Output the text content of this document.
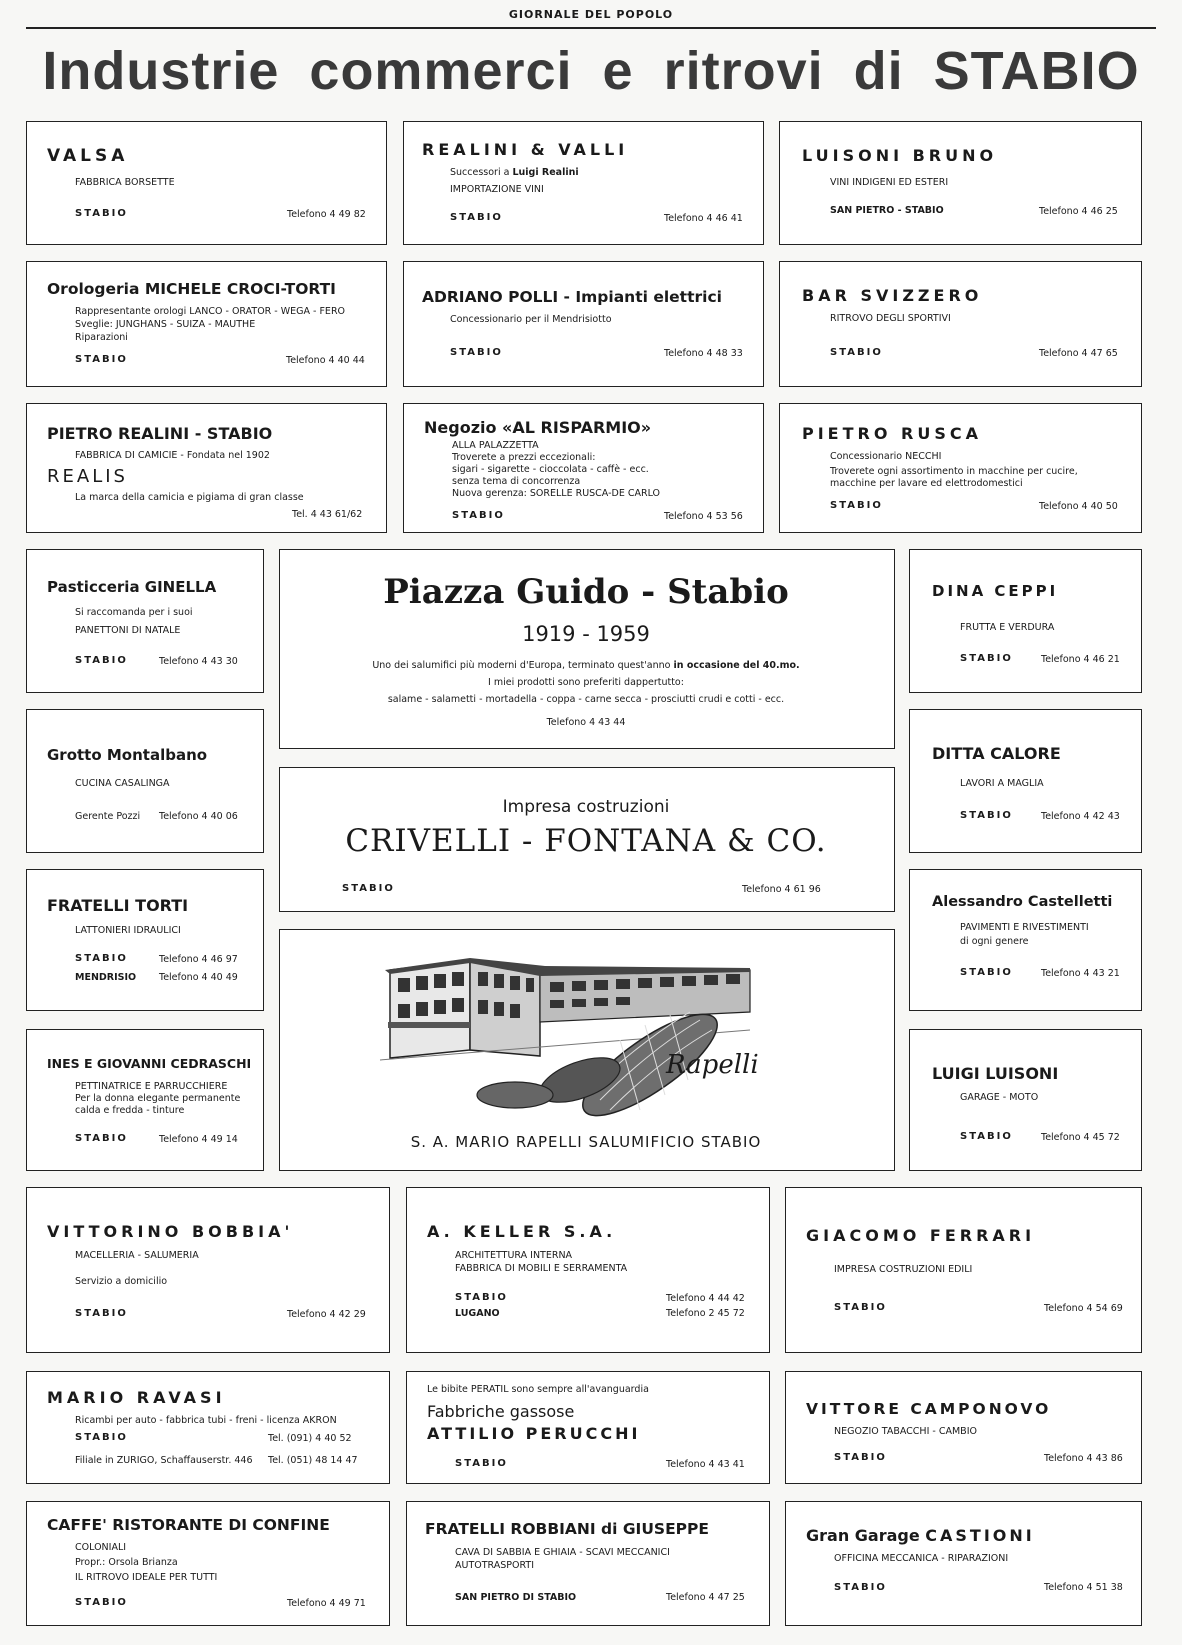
GIORNALE DEL POPOLO
Industrie commerci e ritrovi di STABIO
VALSA
FABBRICA BORSETTE
STABIO	Telefono 4 49 82
REALINI & VALLI
Successori a Luigi Realini
IMPORTAZIONE VINI
STABIO	Telefono 4 46 41
LUISONI BRUNO
VINI INDIGENI ED ESTERI
SAN PIETRO - STABIO	Telefono 4 46 25
Orologeria MICHELE CROCI-TORTI
Rappresentante orologi LANCO - ORATOR - WEGA - FERO
Sveglie: JUNGHANS - SUIZA - MAUTHE
Riparazioni
STABIO	Telefono 4 40 44
ADRIANO POLLI - Impianti elettrici
Concessionario per il Mendrisiotto
STABIO	Telefono 4 48 33
BAR SVIZZERO
RITROVO DEGLI SPORTIVI
STABIO	Telefono 4 47 65
PIETRO REALINI - STABIO
FABBRICA DI CAMICIE - Fondata nel 1902
REALIS
La marca della camicia e pigiama di gran classe
Tel. 4 43 61/62
Negozio «AL RISPARMIO»
ALLA PALAZZETTA
Troverete a prezzi eccezionali:
sigari - sigarette - cioccolata - caffè - ecc.
senza tema di concorrenza
Nuova gerenza: SORELLE RUSCA-DE CARLO
STABIO	Telefono 4 53 56
PIETRO RUSCA
Concessionario NECCHI
Troverete ogni assortimento in macchine per cucire,
macchine per lavare ed elettrodomestici
STABIO	Telefono 4 40 50
Pasticceria GINELLA
Si raccomanda per i suoi
PANETTONI DI NATALE
STABIO	Telefono 4 43 30
Grotto Montalbano
CUCINA CASALINGA
Gerente Pozzi Telefono 4 40 06
FRATELLI TORTI
LATTONIERI IDRAULICI
STABIO	Telefono 4 46 97
MENDRISIO Telefono 4 40 49
INES E GIOVANNI CEDRASCHI
PETTINATRICE E PARRUCCHIERE
Per la donna elegante permanente
calda e fredda - tinture
STABIO	Telefono 4 49 14
Piazza Guido - Stabio
1919 - 1959
Uno dei salumifici più moderni d'Europa, terminato quest'anno in occasione del 40.mo.
I miei prodotti sono preferiti dappertutto:
salame - salametti - mortadella - coppa - carne secca - prosciutti crudi e cotti - ecc.
Telefono 4 43 44
Impresa costruzioni
CRIVELLI - FONTANA & CO.
STABIO	Telefono 4 61 96
Rapelli
S. A. MARIO RAPELLI SALUMIFICIO STABIO
DINA CEPPI
FRUTTA E VERDURA
STABIO	Telefono 4 46 21
DITTA CALORE
LAVORI A MAGLIA
STABIO	Telefono 4 42 43
Alessandro Castelletti
PAVIMENTI E RIVESTIMENTI
di ogni genere
STABIO	Telefono 4 43 21
LUIGI LUISONI
GARAGE - MOTO
STABIO	Telefono 4 45 72
VITTORINO BOBBIA'
MACELLERIA - SALUMERIA
Servizio a domicilio
STABIO	Telefono 4 42 29
A. KELLER S.A.
ARCHITETTURA INTERNA
FABBRICA DI MOBILI E SERRAMENTA
STABIO	Telefono 4 44 42
LUGANO	Telefono 2 45 72
GIACOMO FERRARI
IMPRESA COSTRUZIONI EDILI
STABIO	Telefono 4 54 69
MARIO RAVASI
Ricambi per auto - fabbrica tubi - freni - licenza AKRON
STABIO	Tel. (091) 4 40 52
Filiale in ZURIGO, Schaffauserstr. 446 Tel. (051) 48 14 47
Le bibite PERATIL sono sempre all'avanguardia
Fabbriche gassose
ATTILIO PERUCCHI
STABIO	Telefono 4 43 41
VITTORE CAMPONOVO
NEGOZIO TABACCHI - CAMBIO
STABIO	Telefono 4 43 86
CAFFE' RISTORANTE DI CONFINE
COLONIALI
Propr.: Orsola Brianza
IL RITROVO IDEALE PER TUTTI
STABIO	Telefono 4 49 71
FRATELLI ROBBIANI di GIUSEPPE
CAVA DI SABBIA E GHIAIA - SCAVI MECCANICI
AUTOTRASPORTI
SAN PIETRO DI STABIO	Telefono 4 47 25
Gran Garage CASTIONI
OFFICINA MECCANICA - RIPARAZIONI
STABIO	Telefono 4 51 38
